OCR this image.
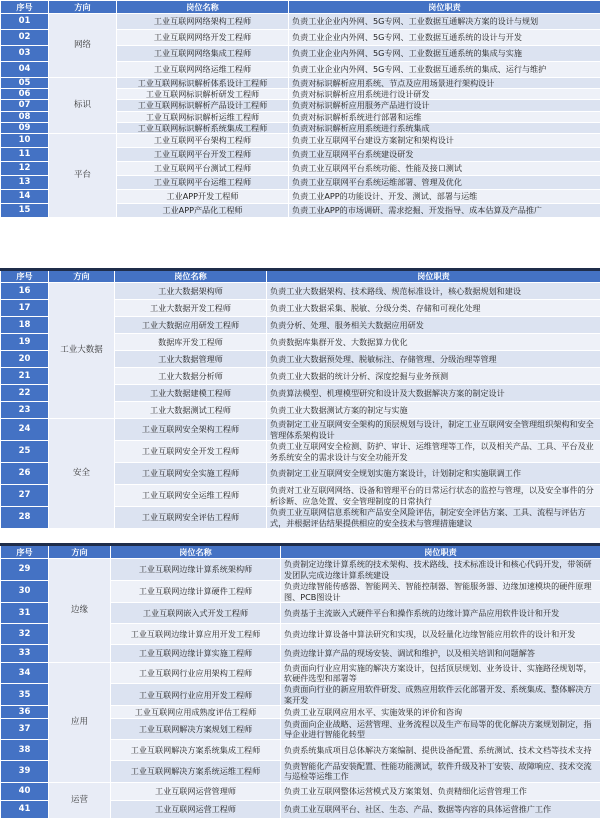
序号	方向	岗位名称	岗位职责
01	网络	工业互联网网络架构工程师	负责工业企业内外网、5G专网、工业数据互通解决方案的设计与规划
02		工业互联网网络开发工程师	负责工业企业内外网、5G专网、工业数据互通系统的设计与开发
03		工业互联网网络集成工程师	负责工业企业内外网、5G专网、工业数据互通系统的集成与实施
04		工业互联网网络运维工程师	负责工业企业内外网、5G专网、工业数据互通系统的集成、运行与维护
05	标识	工业互联网标识解析体系设计工程师	负责对标识解析应用系统、节点及应用场景进行架构设计
06		工业互联网标识解析研发工程师	负责对标识解析应用系统进行设计研发
07		工业互联网标识解析产品设计工程师	负责对标识解析应用服务产品进行设计
08		工业互联网标识解析运维工程师	负责对标识解析系统进行部署和运维
09		工业互联网标识解析系统集成工程师	负责对标识解析应用系统进行系统集成
10	平台	工业互联网平台架构工程师	负责工业互联网平台建设方案制定和架构设计
11		工业互联网平台开发工程师	负责工业互联网平台系统建设研发
12		工业互联网平台测试工程师	负责工业互联网平台系统功能、性能及接口测试
13		工业互联网平台运维工程师	负责工业互联网平台系统运维部署、管理及优化
14		工业APP开发工程师	负责工业APP的功能设计、开发、测试、部署与运维
15		工业APP产品化工程师	负责工业APP的市场调研、需求挖掘、开发指导、成本估算及产品推广
序号	方向	岗位名称	岗位职责
16	工业大数据	工业大数据架构师	负责工业大数据架构、技术路线、规范标准设计，核心数据规划和建设
17		工业大数据开发工程师	负责工业大数据采集、脱敏、分级分类、存储和可视化处理
18		工业大数据应用研发工程师	负责分析、处理、服务相关大数据应用研发
19		数据库开发工程师	负责数据库集群开发、大数据算力优化
20		工业大数据管理师	负责工业大数据预处理、脱敏标注、存储管理、分级治理等管理
21		工业大数据分析师	负责工业大数据的统计分析、深度挖掘与业务预测
22		工业大数据建模工程师	负责算法模型、机理模型研究和设计及大数据解决方案的制定设计
23		工业大数据测试工程师	负责工业大数据测试方案的制定与实施
24	安全	工业互联网安全架构工程师	负责制定工业互联网安全架构的顶层规划与设计，制定工业互联网安全管理组织架构和安全管理体系架构设计
25		工业互联网安全开发工程师	负责工业互联网安全检测、防护、审计、运维管理等工作，以及相关产品、工具、平台及业务系统安全的需求设计与安全功能开发
26		工业互联网安全实施工程师	负责制定工业互联网安全规划实施方案设计，计划制定和实施联调工作
27		工业互联网安全运维工程师	负责对工业互联网网络、设备和管理平台的日常运行状态的监控与管理，以及安全事件的分析诊断、应急处置、安全管理制度的日常执行
28		工业互联网安全评估工程师	负责工业互联网信息系统和产品安全风险评估，制定安全评估方案、工具、流程与评估方式，并根据评估结果提供相应的安全技术与管理措施建议
序号	方向	岗位名称	岗位职责
29	边缘	工业互联网边缘计算系统架构师	负责制定边缘计算系统的技术架构、技术路线、技术标准设计和核心代码开发，带领研发团队完成边缘计算系统建设
30		工业互联网边缘计算硬件工程师	负责边缘智能传感器、智能网关、智能控制器、智能服务器、边缘加速模块的硬件原理图、PCB图设计
31		工业互联网嵌入式开发工程师	负责基于主流嵌入式硬件平台和操作系统的边缘计算产品应用软件设计和开发
32		工业互联网边缘计算应用开发工程师	负责边缘计算设备中算法研究和实现，以及轻量化边缘智能应用软件的设计和开发
33		工业互联网边缘计算实施工程师	负责边缘计算产品的现场安装、调试和维护，以及相关培训和问题解答
34	应用	工业互联网行业应用架构工程师	负责面向行业应用实施的解决方案设计，包括顶层规划、业务设计、实施路径规划等，软硬件选型和部署等
35		工业互联网行业应用开发工程师	负责面向行业的新应用软件研发、成熟应用软件云化部署开发、系统集成、整体解决方案开发
36		工业互联网应用成熟度评估工程师	负责工业互联网应用水平、实施效果的评价和咨询
37		工业互联网解决方案规划工程师	负责面向企业战略、运营管理、业务流程以及生产布局等的优化解决方案规划制定，指导企业进行智能化转型
38		工业互联网解决方案系统集成工程师	负责系统集成项目总体解决方案编制、提供设备配置、系统测试、技术文档等技术支持
39		工业互联网解决方案系统运维工程师	负责智能化产品安装配置、性能功能测试，软件升级及补丁安装、故障响应、技术交流与巡检等运维工作
40	运营	工业互联网运营管理师	负责工业互联网整体运营模式及方案策划、负责精细化运营管理工作
41		工业互联网运营工程师	负责工业互联网平台、社区、生态、产品、数据等内容的具体运营推广工作
